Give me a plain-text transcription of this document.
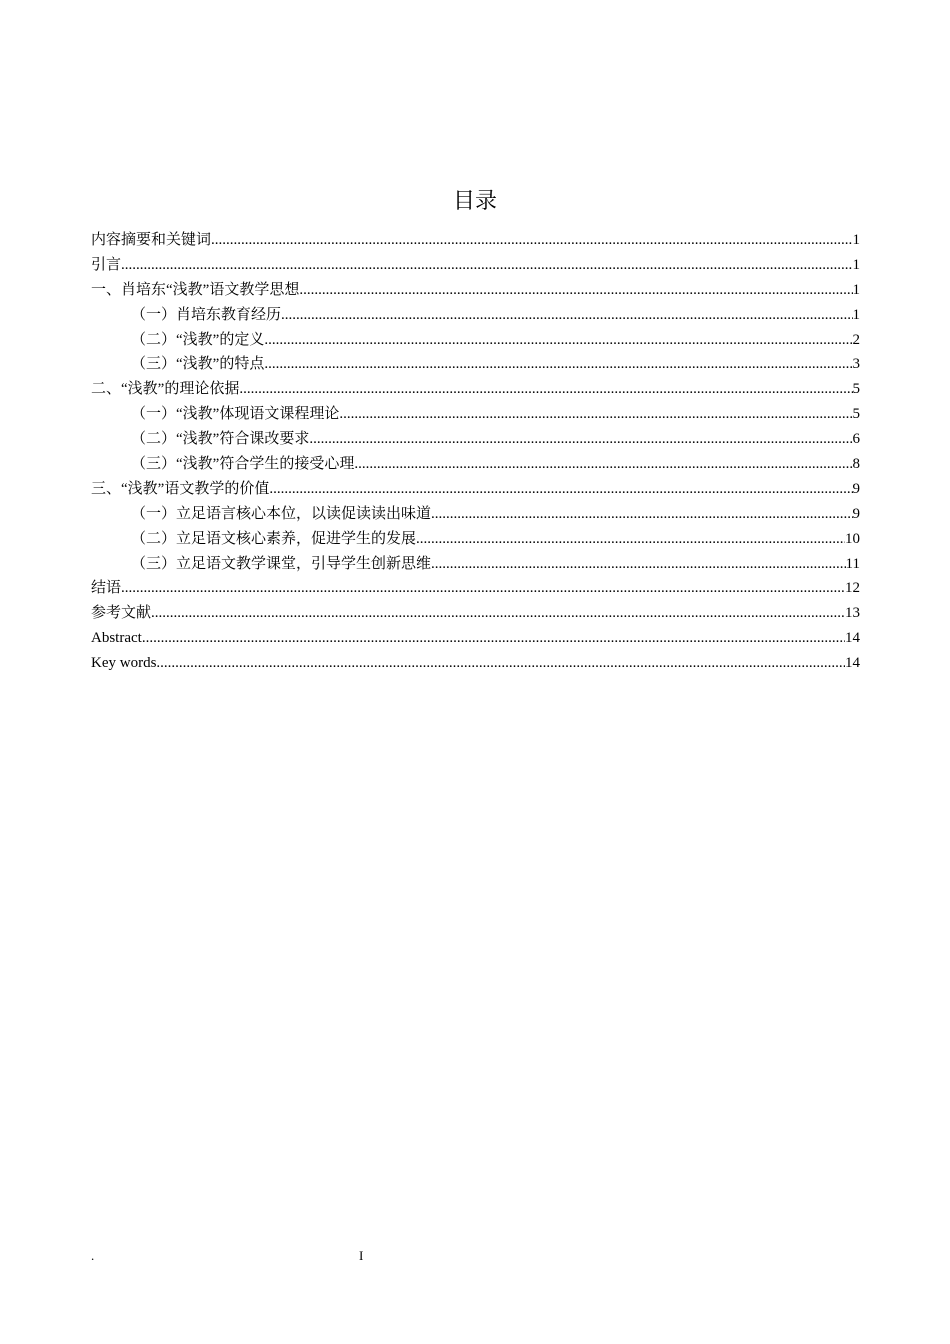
目录
内容摘要和关键词 .....	1
引言 .....	1
一、肖培东“浅教”语文教学思想 .....	1
（一）肖培东教育经历 .....	1
（二）“浅教”的定义 .....	2
（三）“浅教”的特点 .....	3
二、“浅教”的理论依据 .....	5
（一）“浅教”体现语文课程理论 .....	5
（二）“浅教”符合课改要求 .....	6
（三）“浅教”符合学生的接受心理 .....	8
三、“浅教”语文教学的价值 .....	9
（一）立足语言核心本位，以读促读读出味道 .....	9
（二）立足语文核心素养，促进学生的发展 .....	10
（三）立足语文教学课堂，引导学生创新思维 .....	11
结语 .....	12
参考文献 .....	13
Abstract .....	14
Key words .....	14
.	I
